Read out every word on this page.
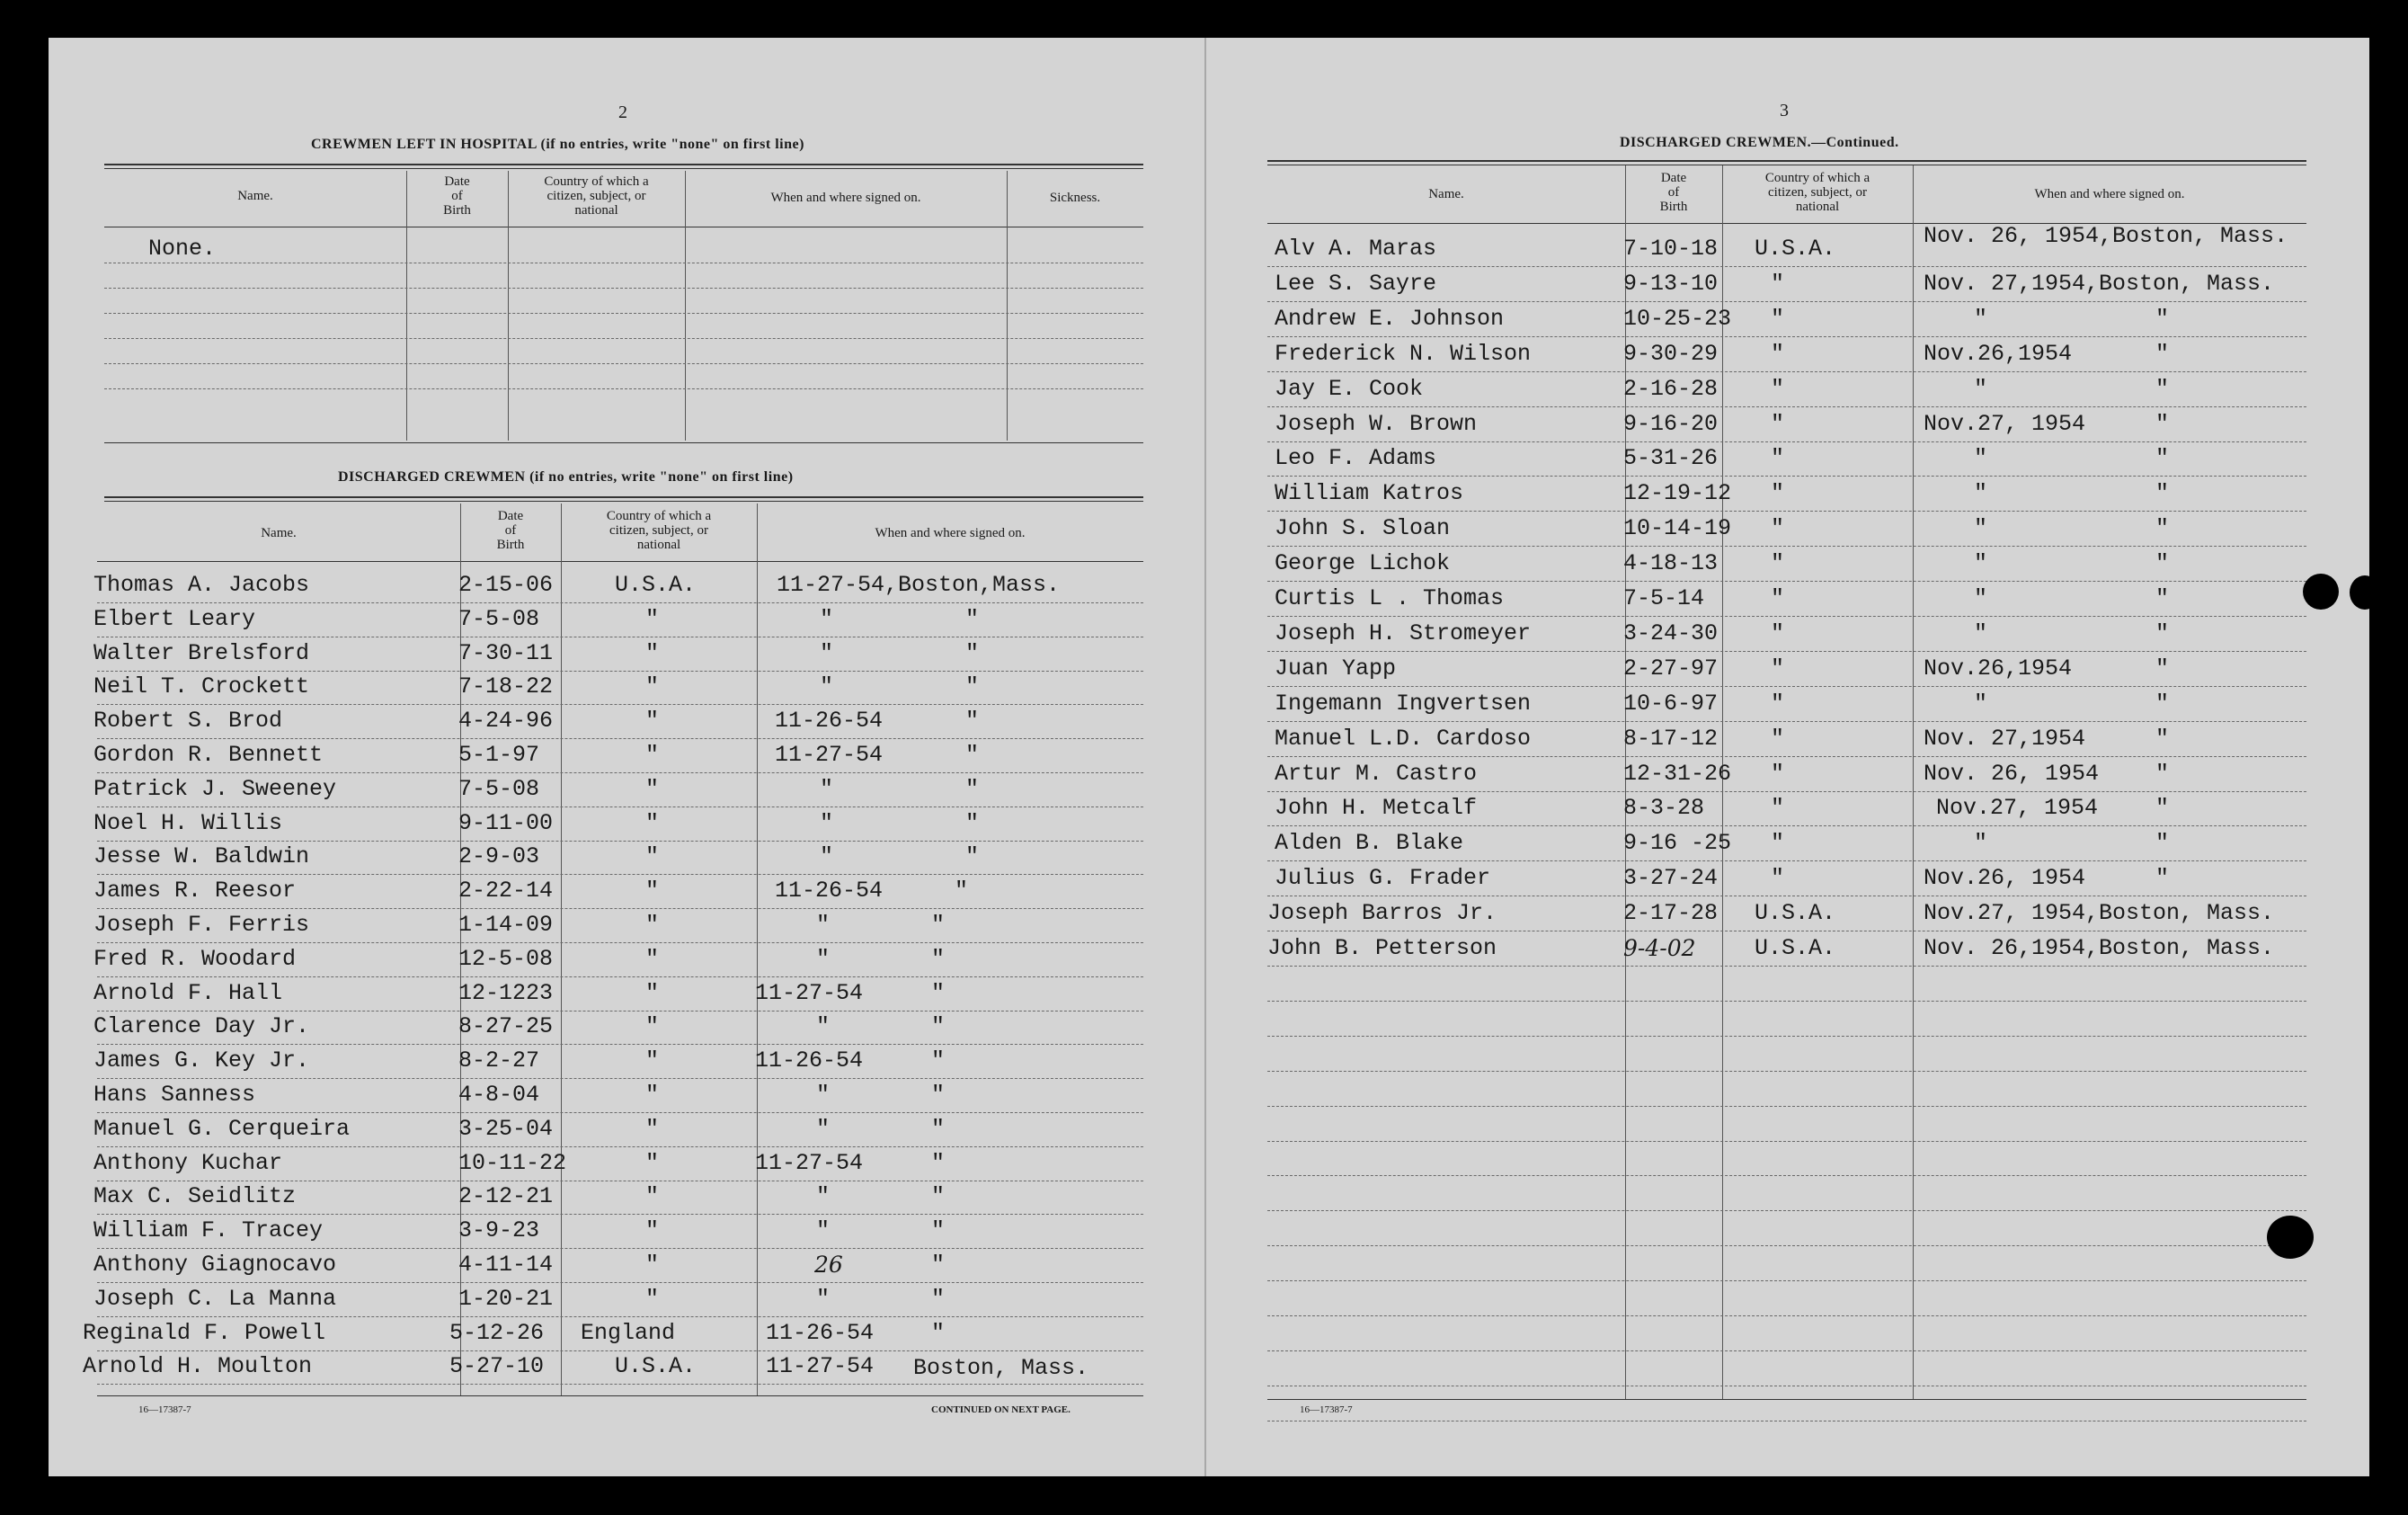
2
CREWMEN LEFT IN HOSPITAL (if no entries, write "none" on first line)
Name.
Date
of
Birth
Country of which a
citizen, subject, or
national
When and where signed on.	Sickness.
None.
DISCHARGED CREWMEN (if no entries, write "none" on first line)
Name.
Date
of
Birth
Country of which a
citizen, subject, or
national
When and where signed on.
Thomas A. Jacobs	2-15-06	U.S.A.	11-27-54,Boston,Mass.
Elbert Leary	7-5-08	"	"	"
Walter Brelsford	7-30-11	"	"	"
Neil T. Crockett	7-18-22	"	"	"
Robert S. Brod	4-24-96	"	11-26-54	"
Gordon R. Bennett	5-1-97	"	11-27-54	"
Patrick J. Sweeney	7-5-08	"	"	"
Noel H. Willis	9-11-00	"	"	"
Jesse W. Baldwin	2-9-03	"	"	"
James R. Reesor	2-22-14	"	11-26-54	"
Joseph F. Ferris	1-14-09	"	"	"
Fred R. Woodard	12-5-08	"	"	"
Arnold F. Hall	12-1223	"	11-27-54	"
Clarence Day Jr.	8-27-25	"	"	"
James G. Key Jr.	8-2-27	"	11-26-54	"
Hans Sanness	4-8-04	"	"	"
Manuel G. Cerqueira	3-25-04	"	"	"
Anthony Kuchar	10-11-22	"	11-27-54	"
Max C. Seidlitz	2-12-21	"	"	"
William F. Tracey	3-9-23	"	"	"
Anthony Giagnocavo	4-11-14	"	26	"
Joseph C. La Manna	1-20-21	"	"	"
Reginald F. Powell	5-12-26 England	11-26-54	"
Arnold H. Moulton	5-27-10	U.S.A.	11-27-54 Boston, Mass.
16—17387-7	CONTINUED ON NEXT PAGE.
3
DISCHARGED CREWMEN.—Continued.
Name.
Date
of
Birth
Country of which a
citizen, subject, or
national
When and where signed on.
Alv A. Maras	7-10-18 U.S.A.	Nov. 26, 1954,Boston, Mass.
Lee S. Sayre	9-13-10 "	Nov. 27,1954,Boston, Mass.
Andrew E. Johnson	10-25-23 "	"	"
Frederick N. Wilson	9-30-29 "	Nov.26,1954	"
Jay E. Cook	2-16-28 "	"	"
Joseph W. Brown	9-16-20 "	Nov.27, 1954	"
Leo F. Adams	5-31-26 "	"	"
William Katros	12-19-12 "	"	"
John S. Sloan	10-14-19 "	"	"
George Lichok	4-18-13 "	"	"
Curtis L . Thomas	7-5-14	"	"	"
Joseph H. Stromeyer	3-24-30 "	"	"
Juan Yapp	2-27-97 "	Nov.26,1954	"
Ingemann Ingvertsen	10-6-97 "	"	"
Manuel L.D. Cardoso	8-17-12 "	Nov. 27,1954	"
Artur M. Castro	12-31-26 "	Nov. 26, 1954	"
John H. Metcalf	8-3-28	"	Nov.27, 1954	"
Alden B. Blake	9-16 -25 "	"	"
Julius G. Frader	3-27-24 "	Nov.26, 1954	"
Joseph Barros Jr.	2-17-28 U.S.A.	Nov.27, 1954,Boston, Mass.
John B. Petterson	9-4-02	U.S.A.	Nov. 26,1954,Boston, Mass.
16—17387-7
